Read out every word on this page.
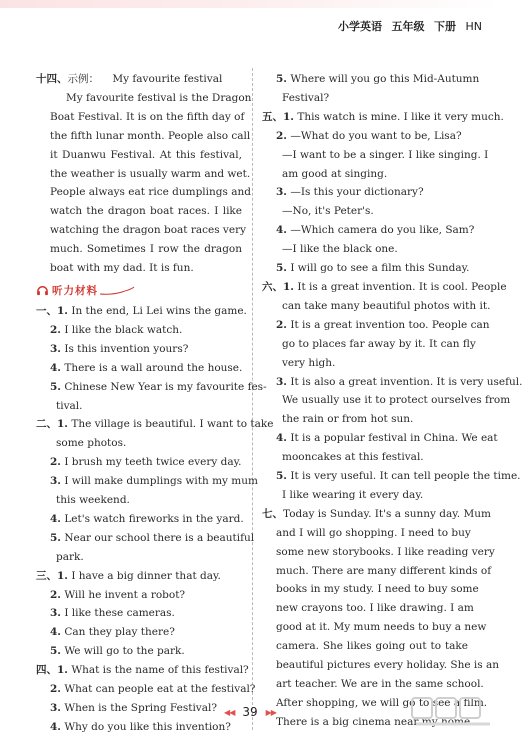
小学英语 五年级 下册 HN
十四、示例： My favourite festival
My favourite festival is the Dragon
Boat Festival. It is on the fifth day of
the fifth lunar month. People also call
it Duanwu Festival. At this festival,
the weather is usually warm and wet.
People always eat rice dumplings and
watch the dragon boat races. I like
watching the dragon boat races very
much. Sometimes I row the dragon
boat with my dad. It is fun.
听力材料
一、1. In the end, Li Lei wins the game.
2. I like the black watch.
3. Is this invention yours?
4. There is a wall around the house.
5. Chinese New Year is my favourite fes-
tival.
二、1. The village is beautiful. I want to take
some photos.
2. I brush my teeth twice every day.
3. I will make dumplings with my mum
this weekend.
4. Let's watch fireworks in the yard.
5. Near our school there is a beautiful
park.
三、1. I have a big dinner that day.
2. Will he invent a robot?
3. I like these cameras.
4. Can they play there?
5. We will go to the park.
四、1. What is the name of this festival?
2. What can people eat at the festival?
3. When is the Spring Festival?
4. Why do you like this invention?
5. Where will you go this Mid-Autumn
Festival?
五、1. This watch is mine. I like it very much.
2. —What do you want to be, Lisa?
—I want to be a singer. I like singing. I
am good at singing.
3. —Is this your dictionary?
—No, it's Peter's.
4. —Which camera do you like, Sam?
—I like the black one.
5. I will go to see a film this Sunday.
六、1. It is a great invention. It is cool. People
can take many beautiful photos with it.
2. It is a great invention too. People can
go to places far away by it. It can fly
very high.
3. It is also a great invention. It is very useful.
We usually use it to protect ourselves from
the rain or from hot sun.
4. It is a popular festival in China. We eat
mooncakes at this festival.
5. It is very useful. It can tell people the time.
I like wearing it every day.
七、Today is Sunday. It's a sunny day. Mum
and I will go shopping. I need to buy
some new storybooks. I like reading very
much. There are many different kinds of
books in my study. I need to buy some
new crayons too. I like drawing. I am
good at it. My mum needs to buy a new
camera. She likes going out to take
beautiful pictures every holiday. She is an
art teacher. We are in the same school.
After shopping, we will go to see a film.
There is a big cinema near my home.
◀◀ 39 ▶▶
